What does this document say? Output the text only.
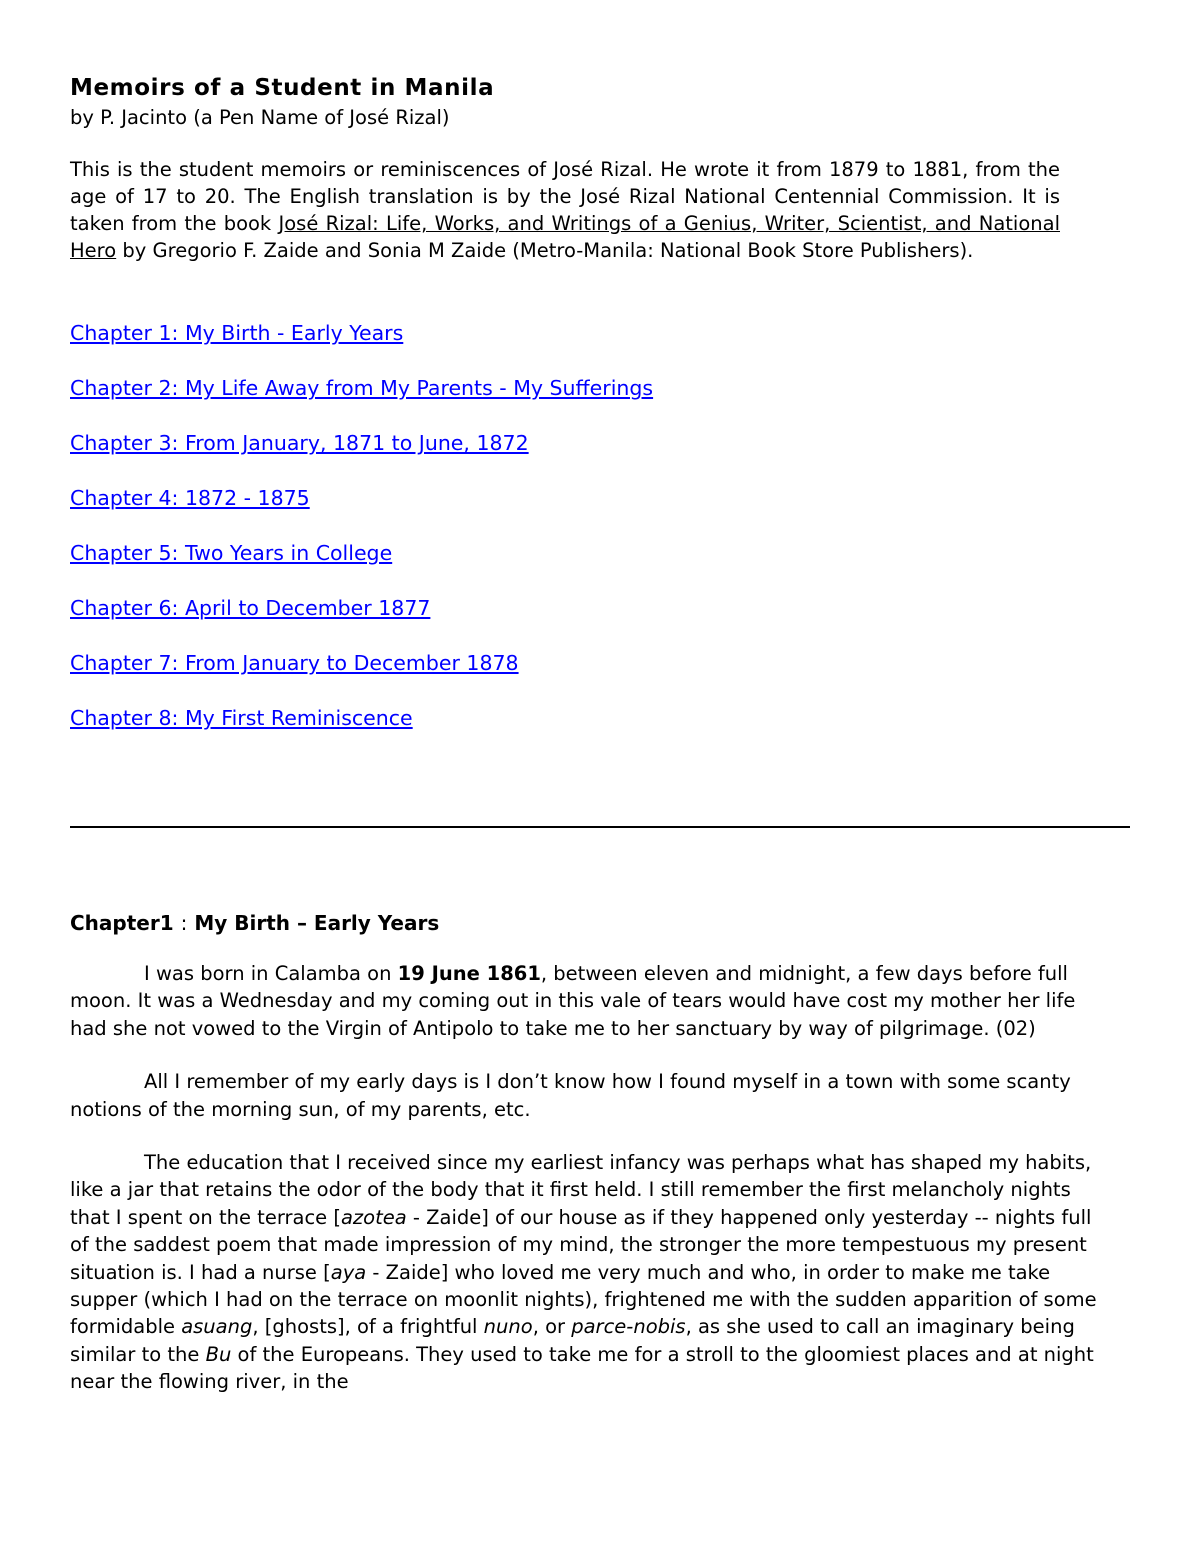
Memoirs of a Student in Manila

by P. Jacinto (a Pen Name of José Rizal)

This is the student memoirs or reminiscences of José Rizal. He wrote it from 1879 to 1881, from the age of 17 to 20. The English translation is by the José Rizal National Centennial Commission. It is taken from the book José Rizal: Life, Works, and Writings of a Genius, Writer, Scientist, and National Hero by Gregorio F. Zaide and Sonia M Zaide (Metro-Manila: National Book Store Publishers).

Chapter 1: My Birth - Early Years
Chapter 2: My Life Away from My Parents - My Sufferings
Chapter 3: From January, 1871 to June, 1872
Chapter 4: 1872 - 1875
Chapter 5: Two Years in College
Chapter 6: April to December 1877
Chapter 7: From January to December 1878
Chapter 8: My First Reminiscence
Chapter1 : My Birth – Early Years

I was born in Calamba on 19 June 1861, between eleven and midnight, a few days before full moon. It was a Wednesday and my coming out in this vale of tears would have cost my mother her life had she not vowed to the Virgin of Antipolo to take me to her sanctuary by way of pilgrimage. (02)

All I remember of my early days is I don’t know how I found myself in a town with some scanty notions of the morning sun, of my parents, etc.

The education that I received since my earliest infancy was perhaps what has shaped my habits, like a jar that retains the odor of the body that it first held. I still remember the first melancholy nights that I spent on the terrace [azotea - Zaide] of our house as if they happened only yesterday -- nights full of the saddest poem that made impression of my mind, the stronger the more tempestuous my present situation is. I had a nurse [aya - Zaide] who loved me very much and who, in order to make me take supper (which I had on the terrace on moonlit nights), frightened me with the sudden apparition of some formidable asuang, [ghosts], of a frightful nuno, or parce-nobis, as she used to call an imaginary being similar to the Bu of the Europeans. They used to take me for a stroll to the gloomiest places and at night near the flowing river, in the
